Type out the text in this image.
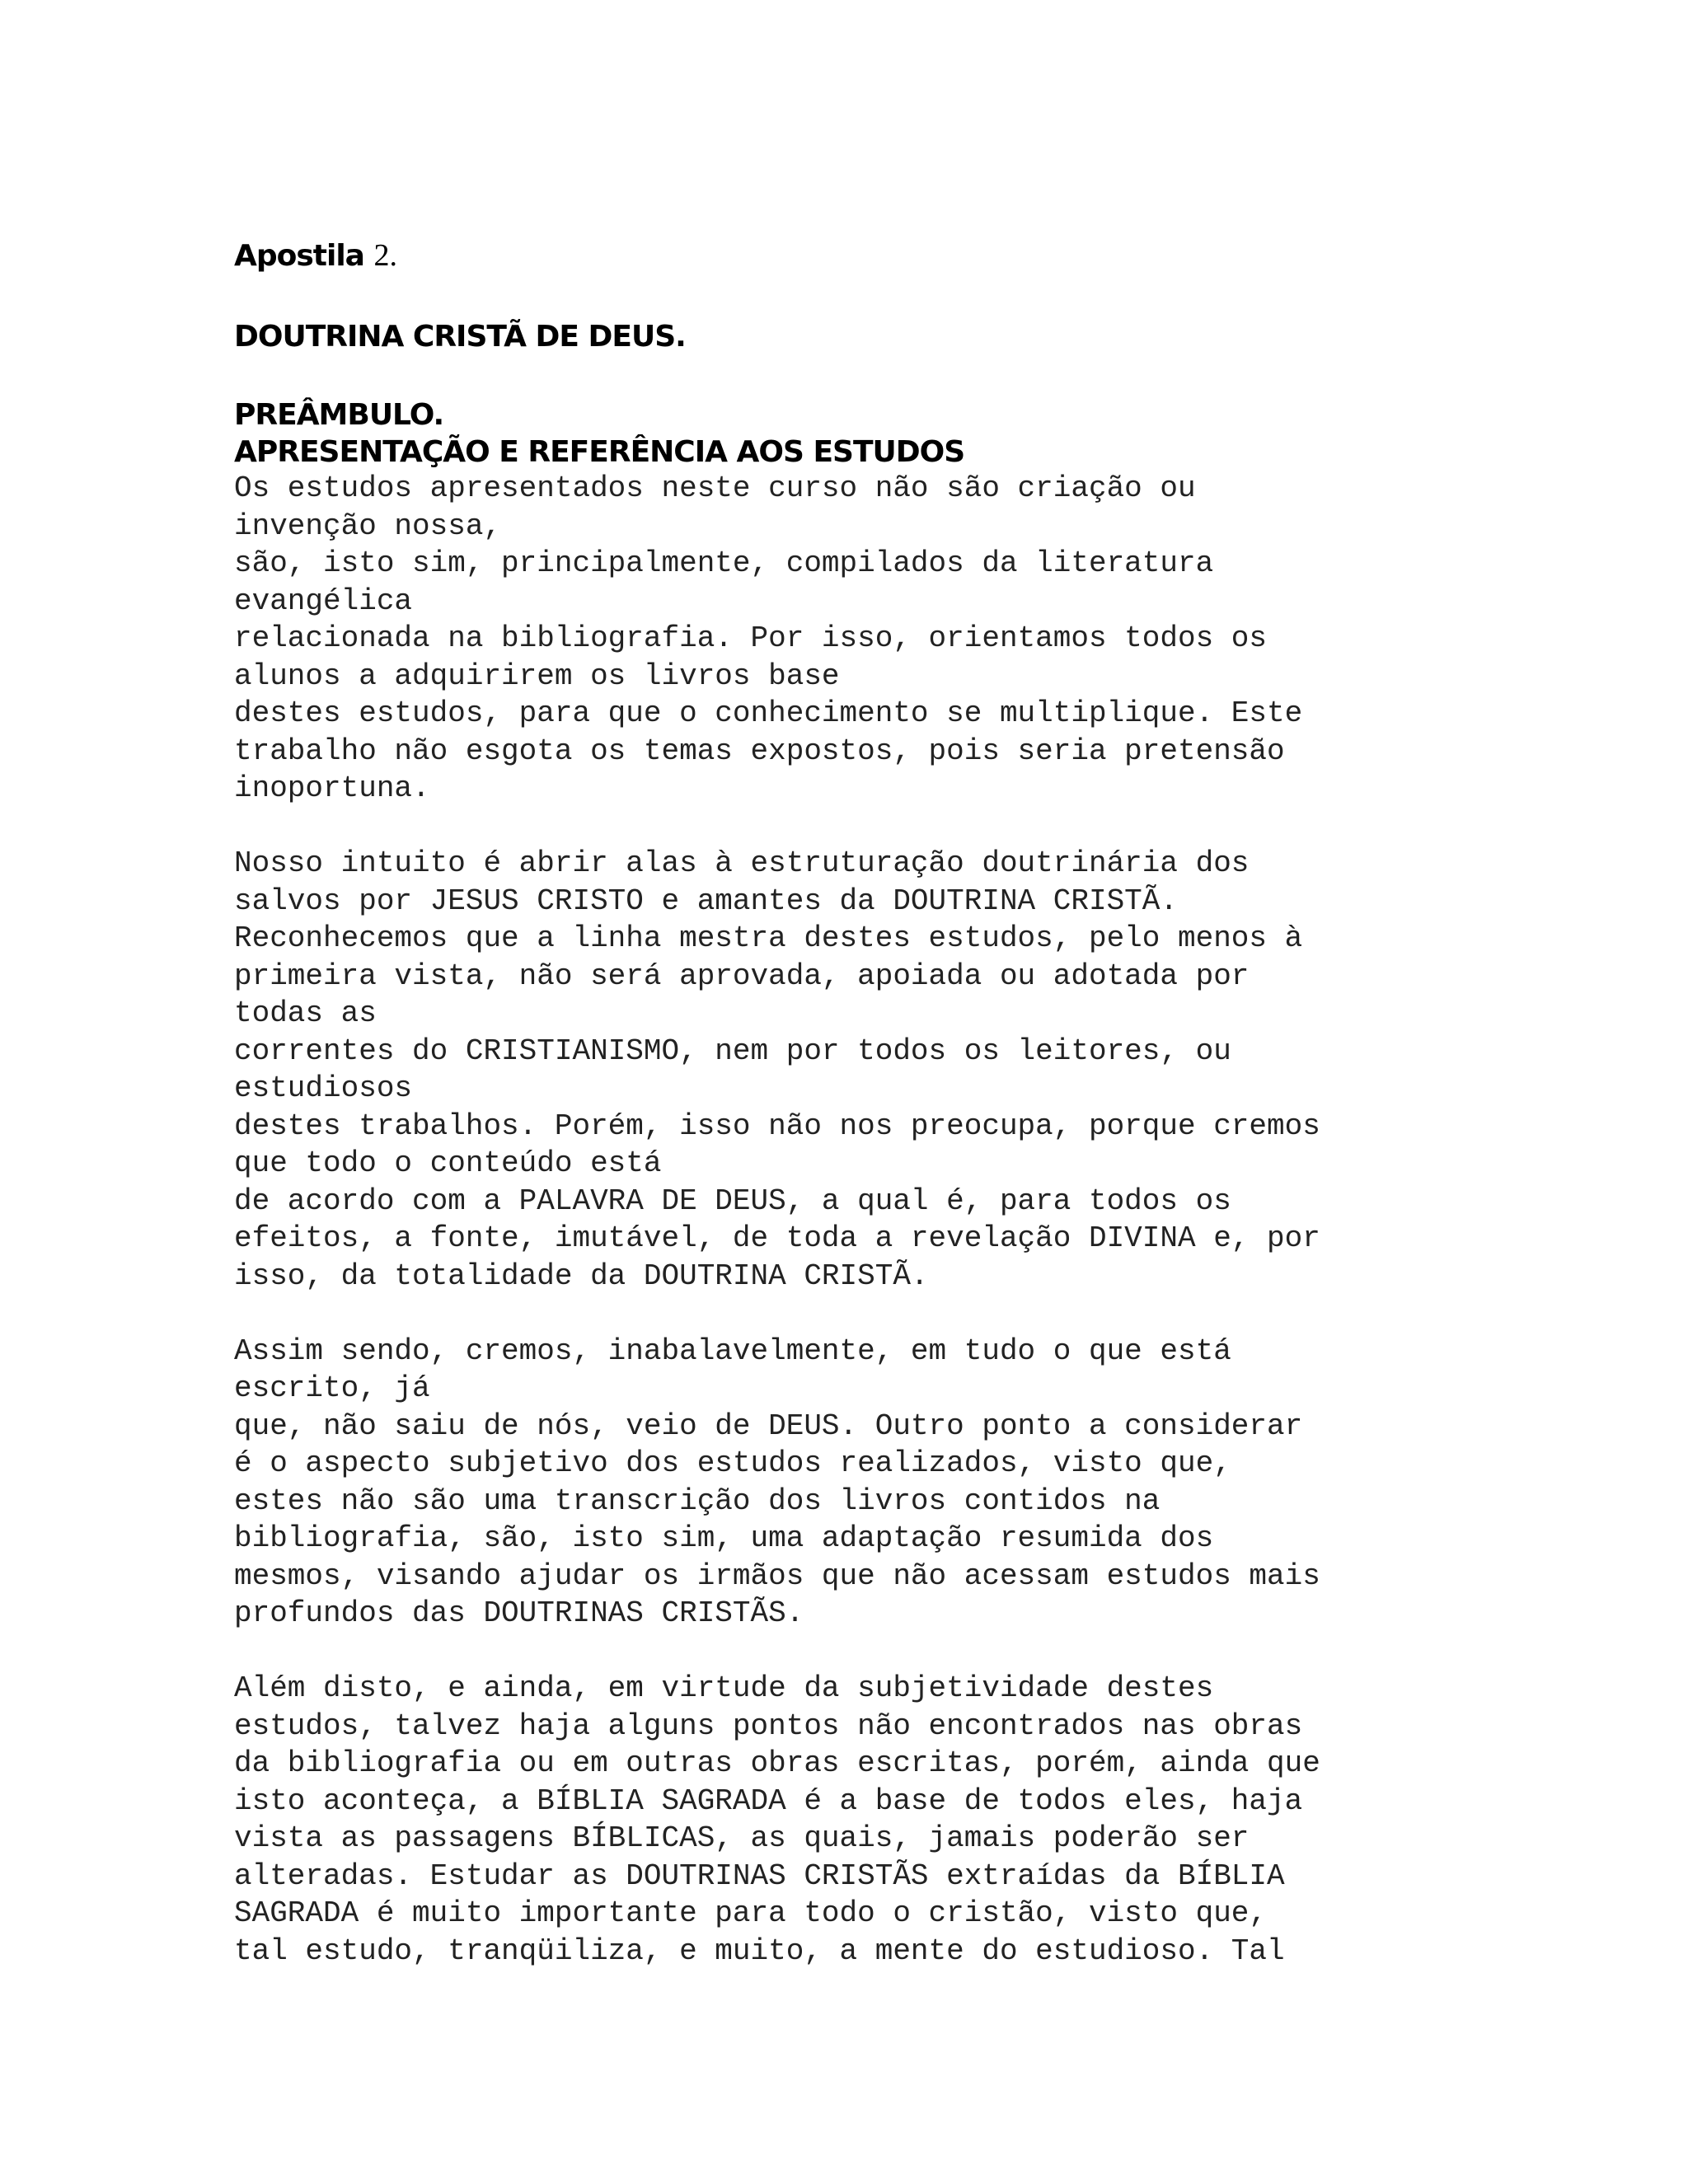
Apostila 2.
DOUTRINA CRISTÃ DE DEUS.
PREÂMBULO.
APRESENTAÇÃO E REFERÊNCIA AOS ESTUDOS

Os estudos apresentados neste curso não são criação ou
invenção nossa,
são, isto sim, principalmente, compilados da literatura
evangélica
relacionada na bibliografia. Por isso, orientamos todos os
alunos a adquirirem os livros base
destes estudos, para que o conhecimento se multiplique. Este
trabalho não esgota os temas expostos, pois seria pretensão
inoportuna.

Nosso intuito é abrir alas à estruturação doutrinária dos
salvos por JESUS CRISTO e amantes da DOUTRINA CRISTÃ.
Reconhecemos que a linha mestra destes estudos, pelo menos à
primeira vista, não será aprovada, apoiada ou adotada por
todas as
correntes do CRISTIANISMO, nem por todos os leitores, ou
estudiosos
destes trabalhos. Porém, isso não nos preocupa, porque cremos
que todo o conteúdo está
de acordo com a PALAVRA DE DEUS, a qual é, para todos os
efeitos, a fonte, imutável, de toda a revelação DIVINA e, por
isso, da totalidade da DOUTRINA CRISTÃ.

Assim sendo, cremos, inabalavelmente, em tudo o que está
escrito, já
que, não saiu de nós, veio de DEUS. Outro ponto a considerar
é o aspecto subjetivo dos estudos realizados, visto que,
estes não são uma transcrição dos livros contidos na
bibliografia, são, isto sim, uma adaptação resumida dos
mesmos, visando ajudar os irmãos que não acessam estudos mais
profundos das DOUTRINAS CRISTÃS.

Além disto, e ainda, em virtude da subjetividade destes
estudos, talvez haja alguns pontos não encontrados nas obras
da bibliografia ou em outras obras escritas, porém, ainda que
isto aconteça, a BÍBLIA SAGRADA é a base de todos eles, haja
vista as passagens BÍBLICAS, as quais, jamais poderão ser
alteradas. Estudar as DOUTRINAS CRISTÃS extraídas da BÍBLIA
SAGRADA é muito importante para todo o cristão, visto que,
tal estudo, tranqüiliza, e muito, a mente do estudioso. Tal
